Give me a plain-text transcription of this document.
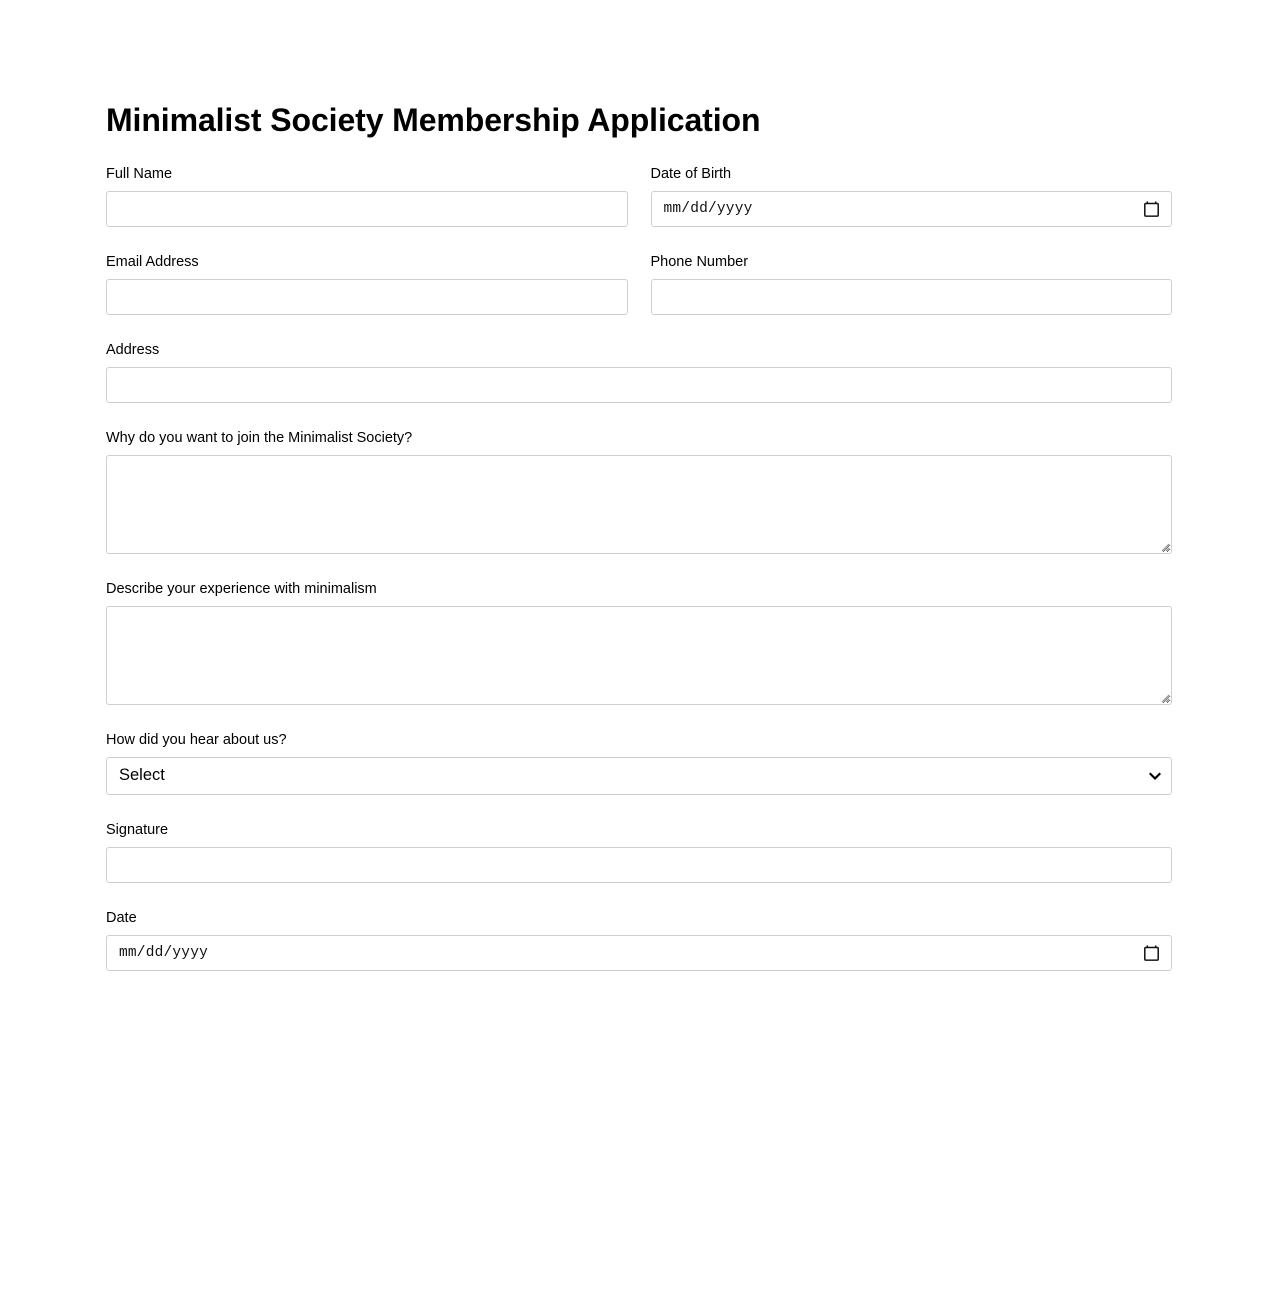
Minimalist Society Membership Application
Full Name	Date of Birth
mm/dd/yyyy
Email Address	Phone Number
Address
Why do you want to join the Minimalist Society?
Describe your experience with minimalism
How did you hear about us?
Select
Signature
Date
mm/dd/yyyy
